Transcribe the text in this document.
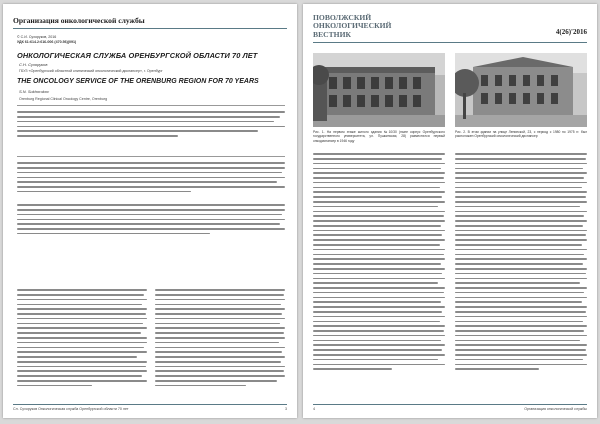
Организация онкологической службы
© С.И. Сухоруков, 2016
УДК 61:614.2:616-006 (470.56)(091)
ОНКОЛОГИЧЕСКАЯ СЛУЖБА ОРЕНБУРГСКОЙ ОБЛАСТИ 70 ЛЕТ
С.Н. Сухоруков
ГБУЗ «Оренбургский областной клинический онкологический диспансер», г. Оренбург
THE ONCOLOGY SERVICE OF THE ORENBURG REGION FOR 70 YEARS
S.N. Sukhorukov
Orenburg Regional Clinical Oncology Centre, Orenburg
Сл. Сухоруков Онкологическая служба Оренбургской области 70 лет	3
ПОВОЛЖСКИЙ ОНКОЛОГИЧЕСКИЙ ВЕСТНИК	4(26)'2016
Рис. 1. На первом этаже жилого здания №10/30 (ныне корпус Оренбургского государственного университета, ул. Пушкинская, 28) разместился первый онкодиспансер в 1946 году
Рис. 2. В этом здании на улице Ленинской, 23, с период с 1980 по 1975 гг. был расположен Оренбургский онкологический диспансер
4	Организация онкологической службы
